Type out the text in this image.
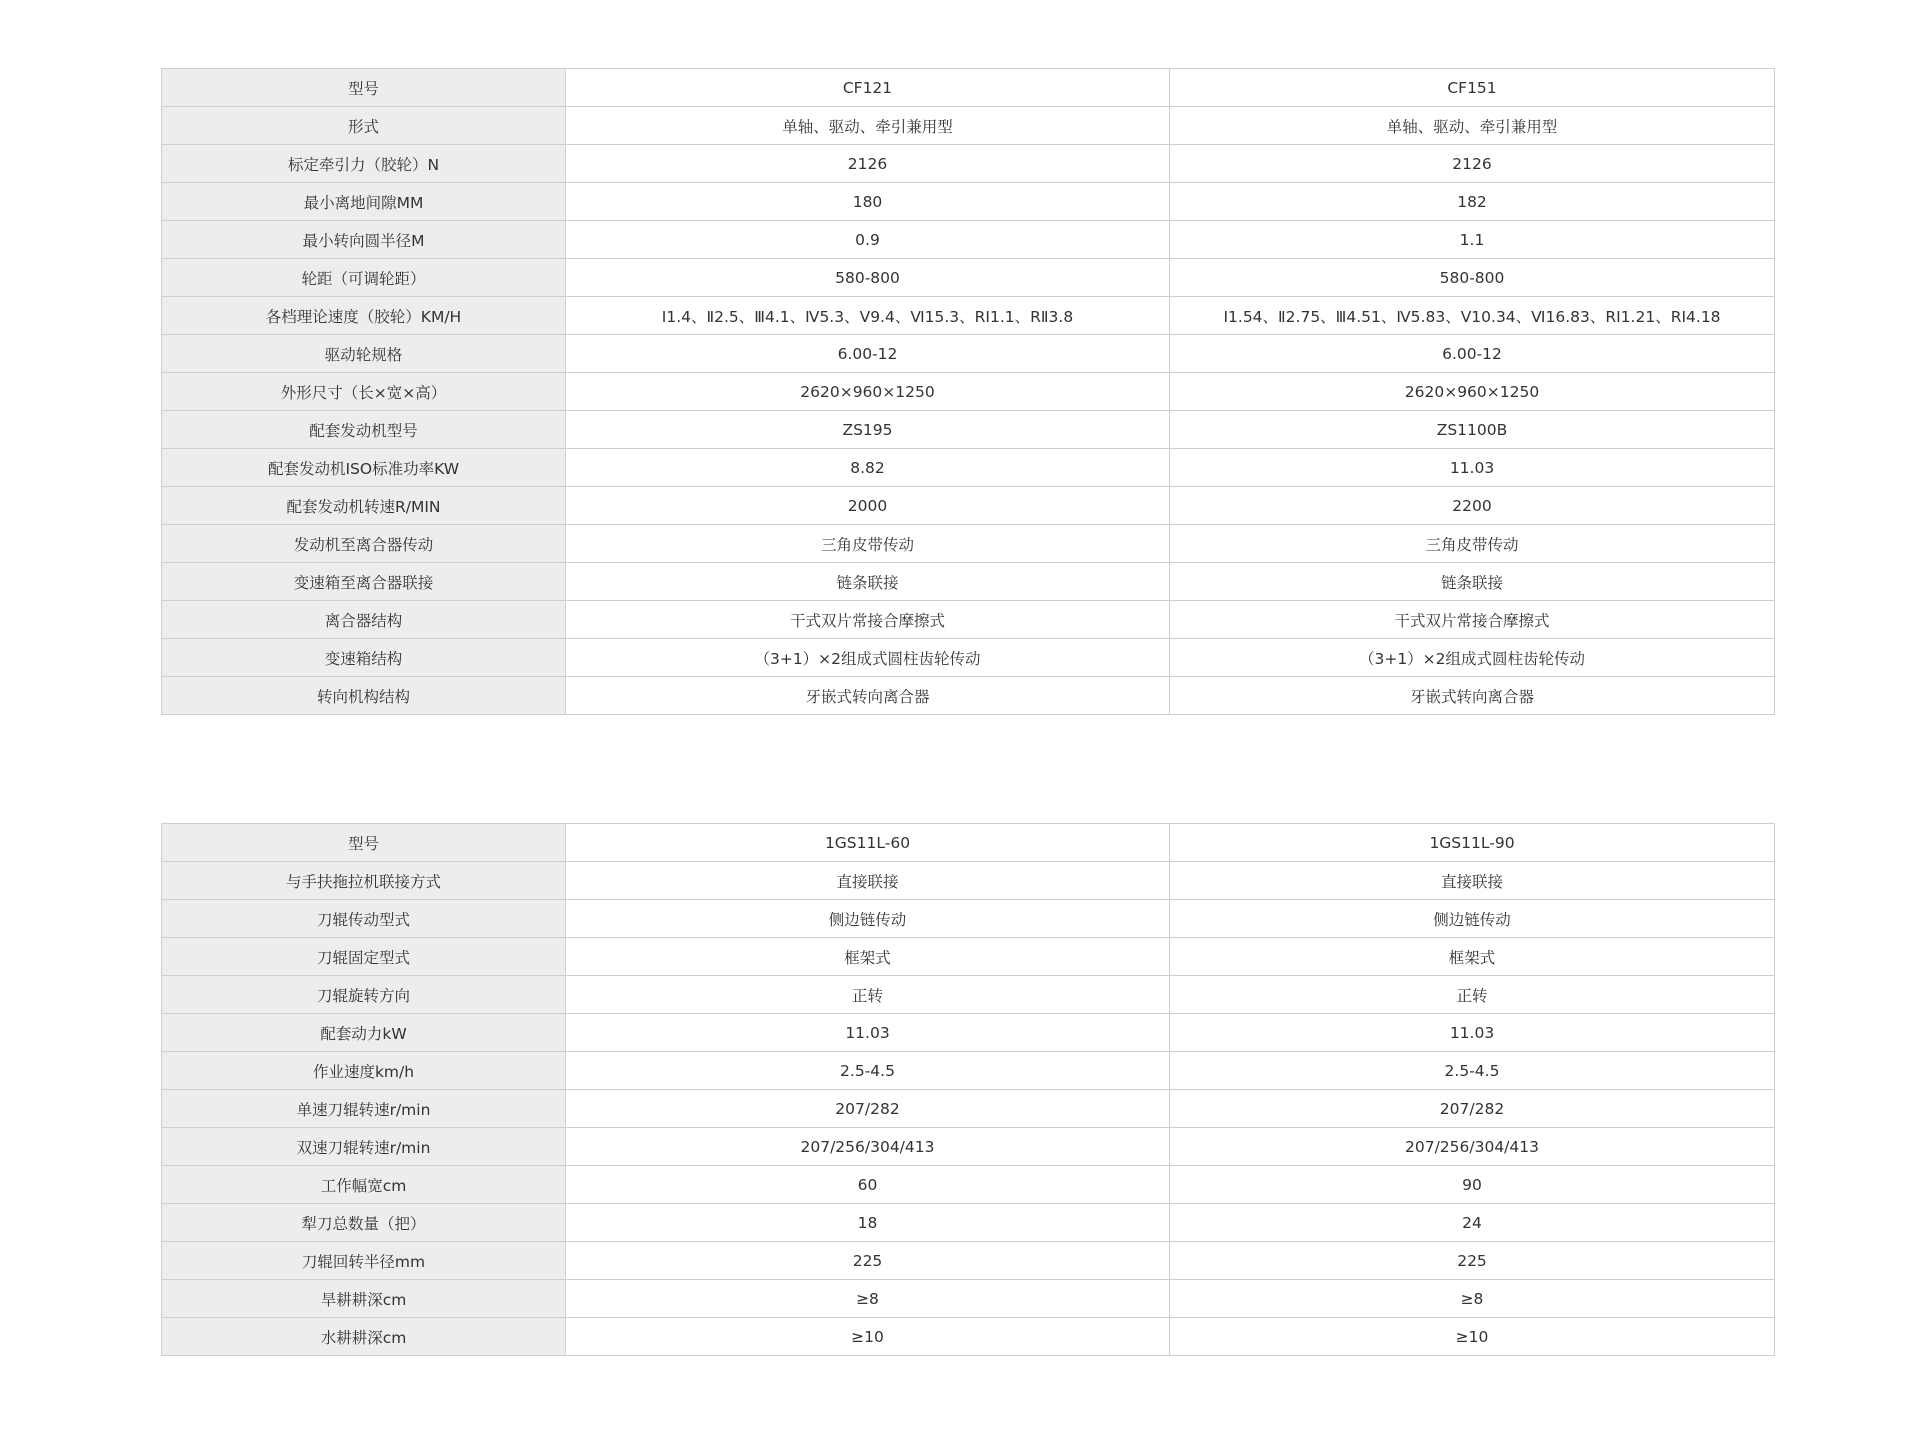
型号	CF121	CF151
形式	单轴、驱动、牵引兼用型	单轴、驱动、牵引兼用型
标定牵引力（胶轮）N	2126	2126
最小离地间隙MM	180	182
最小转向圆半径M	0.9	1.1
轮距（可调轮距）	580-800	580-800
各档理论速度（胶轮）KM/H	Ⅰ1.4、Ⅱ2.5、Ⅲ4.1、Ⅳ5.3、Ⅴ9.4、Ⅵ15.3、RⅠ1.1、RⅡ3.8	Ⅰ1.54、Ⅱ2.75、Ⅲ4.51、Ⅳ5.83、Ⅴ10.34、Ⅵ16.83、RⅠ1.21、RⅠ4.18
驱动轮规格	6.00-12	6.00-12
外形尺寸（长×宽×高）	2620×960×1250	2620×960×1250
配套发动机型号	ZS195	ZS1100B
配套发动机ISO标准功率KW	8.82	11.03
配套发动机转速R/MIN	2000	2200
发动机至离合器传动	三角皮带传动	三角皮带传动
变速箱至离合器联接	链条联接	链条联接
离合器结构	干式双片常接合摩擦式	干式双片常接合摩擦式
变速箱结构	（3+1）×2组成式圆柱齿轮传动	（3+1）×2组成式圆柱齿轮传动
转向机构结构	牙嵌式转向离合器	牙嵌式转向离合器
型号	1GS11L-60	1GS11L-90
与手扶拖拉机联接方式	直接联接	直接联接
刀辊传动型式	侧边链传动	侧边链传动
刀辊固定型式	框架式	框架式
刀辊旋转方向	正转	正转
配套动力kW	11.03	11.03
作业速度km/h	2.5-4.5	2.5-4.5
单速刀辊转速r/min	207/282	207/282
双速刀辊转速r/min	207/256/304/413	207/256/304/413
工作幅宽cm	60	90
犁刀总数量（把）	18	24
刀辊回转半径mm	225	225
旱耕耕深cm	≥8	≥8
水耕耕深cm	≥10	≥10
